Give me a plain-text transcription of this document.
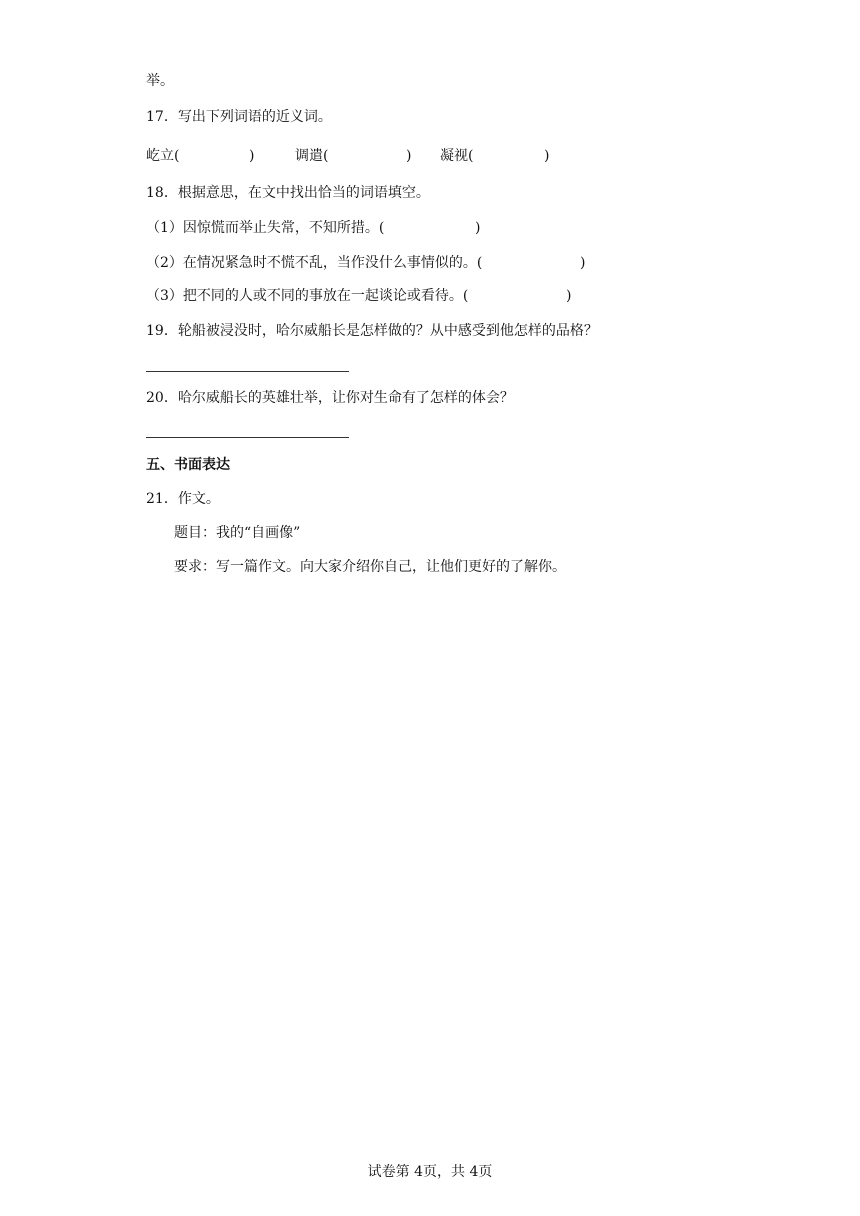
举。
17．写出下列词语的近义词。
屹立(	)	调遣(	) 凝视(	)
18．根据意思，在文中找出恰当的词语填空。
（1）因惊慌而举止失常，不知所措。(	)
（2）在情况紧急时不慌不乱，当作没什么事情似的。(	)
（3）把不同的人或不同的事放在一起谈论或看待。(	)
19．轮船被浸没时，哈尔威船长是怎样做的？从中感受到他怎样的品格？
20．哈尔威船长的英雄壮举，让你对生命有了怎样的体会？
五、书面表达
21．作文。
题目：我的“自画像”
要求：写一篇作文。向大家介绍你自己，让他们更好的了解你。
试卷第 4页，共 4页
